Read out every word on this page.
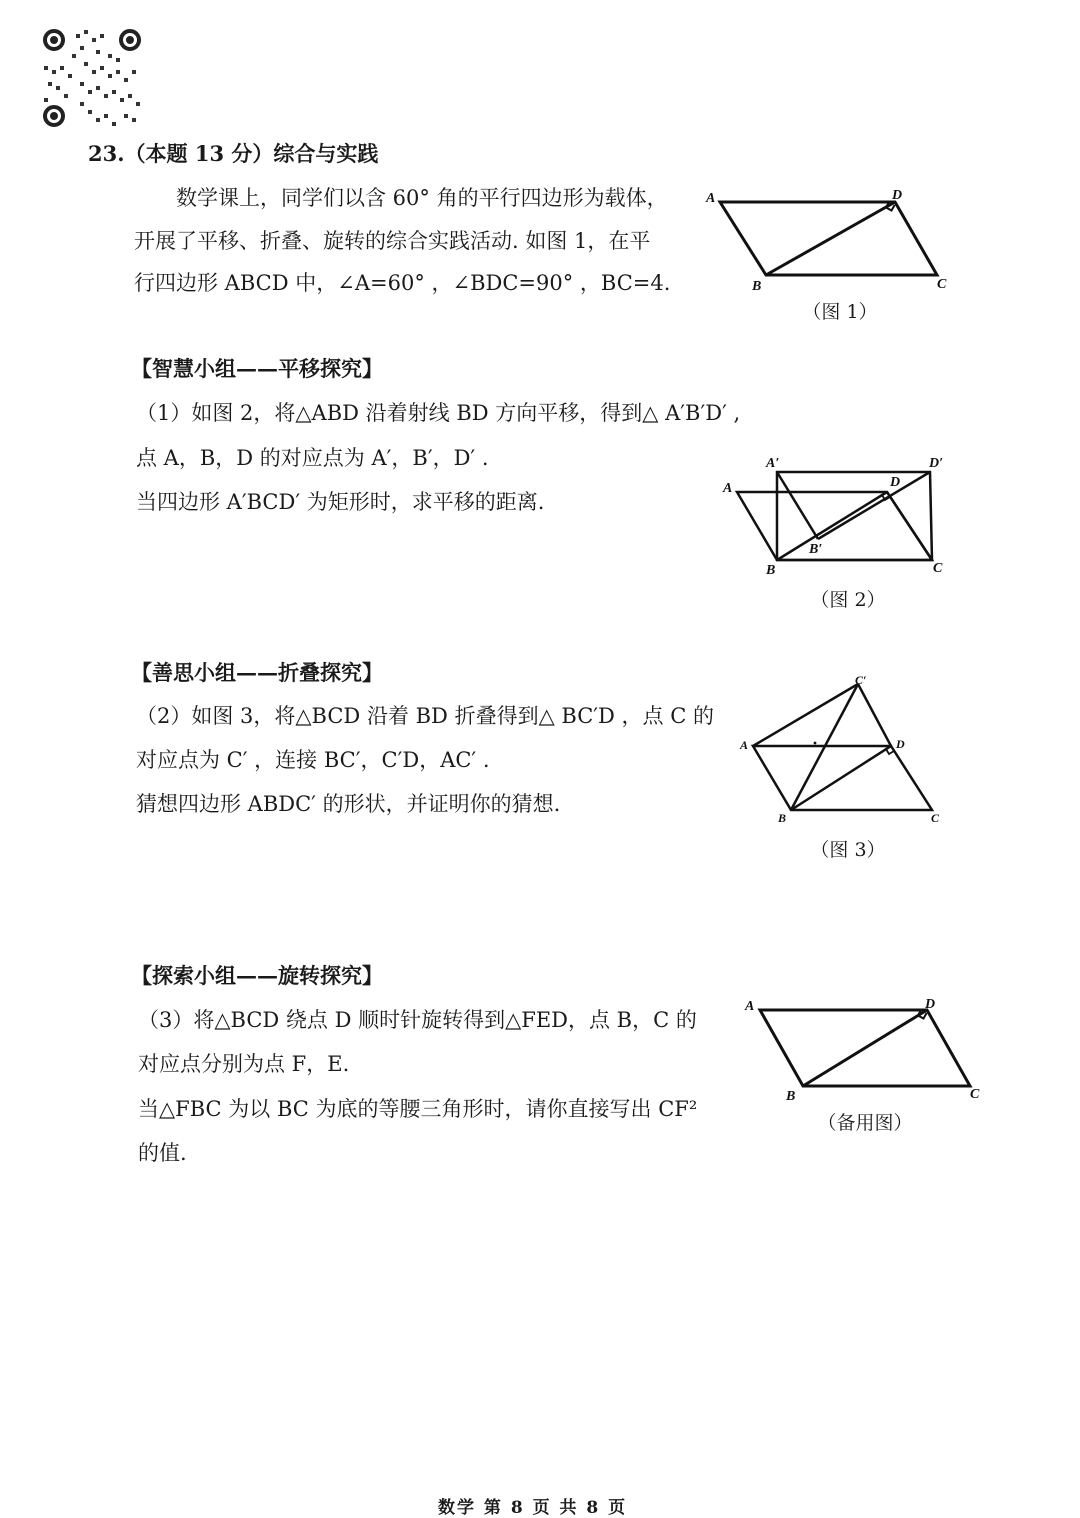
23.（本题 13 分）综合与实践
数学课上，同学们以含 60° 角的平行四边形为载体，
开展了平移、折叠、旋转的综合实践活动. 如图 1，在平
行四边形 ABCD 中，∠A=60° ，∠BDC=90° ，BC=4.
A	D
B	C
（图 1）
【智慧小组——平移探究】
（1）如图 2，将△ABD 沿着射线 BD 方向平移，得到△ A′B′D′ ,
点 A，B，D 的对应点为 A′，B′，D′ .
当四边形 A′BCD′ 为矩形时，求平移的距离.
A
A′	D′
D
B′
B	C
（图 2）
【善思小组——折叠探究】
（2）如图 3，将△BCD 沿着 BD 折叠得到△ BC′D ，点 C 的
对应点为 C′ ，连接 BC′，C′D，AC′ .
猜想四边形 ABDC′ 的形状，并证明你的猜想.
A
C′
D
B	C
（图 3）
【探索小组——旋转探究】
（3）将△BCD 绕点 D 顺时针旋转得到△FED，点 B，C 的
对应点分别为点 F，E.
当△FBC 为以 BC 为底的等腰三角形时，请你直接写出 CF²
的值.
A	D
B	C
（备用图）
数学 第 8 页 共 8 页
